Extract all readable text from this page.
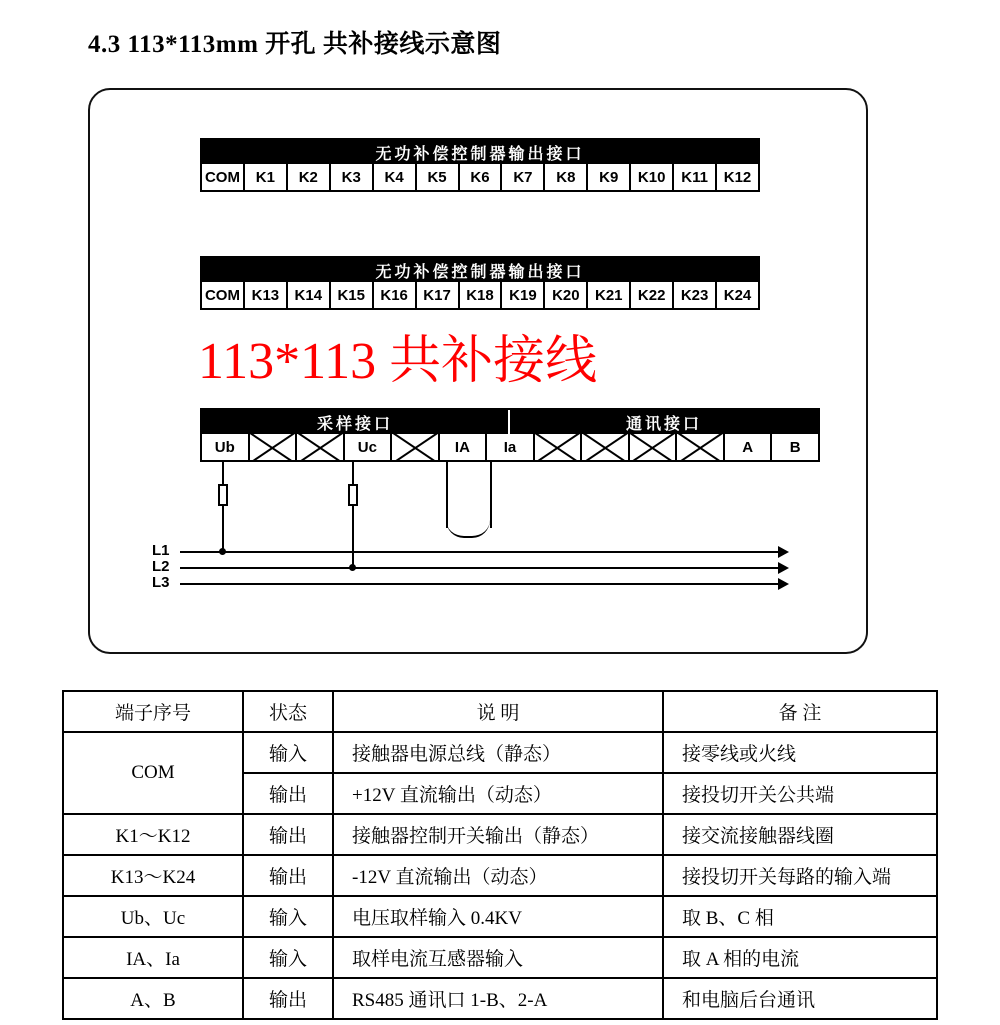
4.3 113*113mm 开孔 共补接线示意图
无功补偿控制器输出接口
COM	K1	K2	K3	K4	K5	K6	K7	K8	K9	K10	K11	K12
无功补偿控制器输出接口
COM K13	K14	K15	K16	K17	K18	K19	K20	K21	K22	K23	K24
113*113 共补接线
采样接口	通讯接口
Ub	Uc	IA	Ia	A	B
L1
L2
L3
端子序号	状态	说 明	备 注
COM	输入	接触器电源总线（静态）	接零线或火线
	输出	+12V 直流输出（动态）	接投切开关公共端
K1～K12	输出	接触器控制开关输出（静态）	接交流接触器线圈
K13～K24	输出	-12V 直流输出（动态）	接投切开关每路的输入端
Ub、Uc	输入	电压取样输入 0.4KV	取 B、C 相
IA、Ia	输入	取样电流互感器输入	取 A 相的电流
A、B	输出	RS485 通讯口 1-B、2-A	和电脑后台通讯
